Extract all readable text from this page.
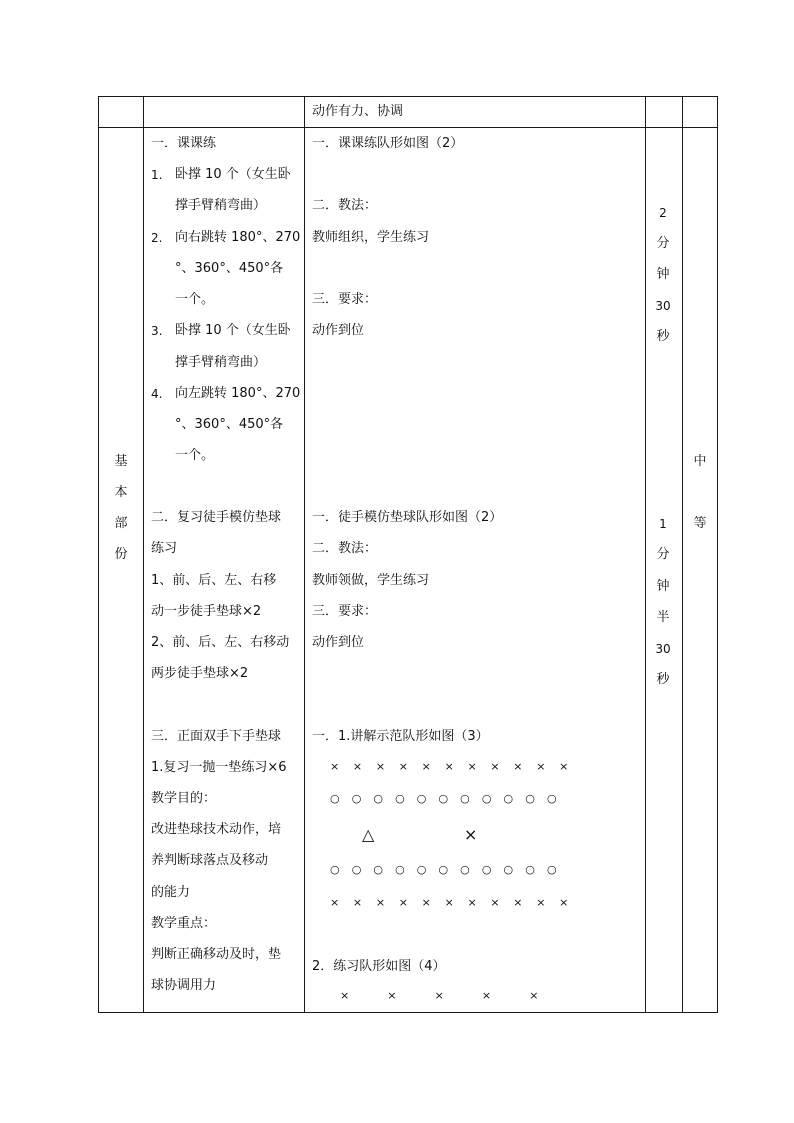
动作有力、协调
基
本
部
份
一．课课练
1. 卧撑 10 个（女生卧
撑手臂稍弯曲）
2. 向右跳转 180°、270
°、360°、450°各
一个。
3. 卧撑 10 个（女生卧
撑手臂稍弯曲）
4. 向左跳转 180°、270
°、360°、450°各
一个。
二．复习徒手模仿垫球
练习
1、前、后、左、右移
动一步徒手垫球×2
2、前、后、左、右移动
两步徒手垫球×2
三．正面双手下手垫球
1.复习一抛一垫练习×6
教学目的：
改进垫球技术动作，培
养判断球落点及移动
的能力
教学重点：
判断正确移动及时，垫
球协调用力
一．课课练队形如图（2）
二．教法：
教师组织，学生练习
三．要求：
动作到位
一．徒手模仿垫球队形如图（2）
二．教法：
教师领做，学生练习
三．要求：
动作到位
一．1.讲解示范队形如图（3）
× × × × × × × × × × ×
○ ○ ○ ○ ○ ○ ○ ○ ○ ○ ○
△	×
○ ○ ○ ○ ○ ○ ○ ○ ○ ○ ○
× × × × × × × × × × ×
2．练习队形如图（4）
×   ×   ×   ×   ×
2
分
钟
30
秒
1
分
钟
半
30
秒
中
等
